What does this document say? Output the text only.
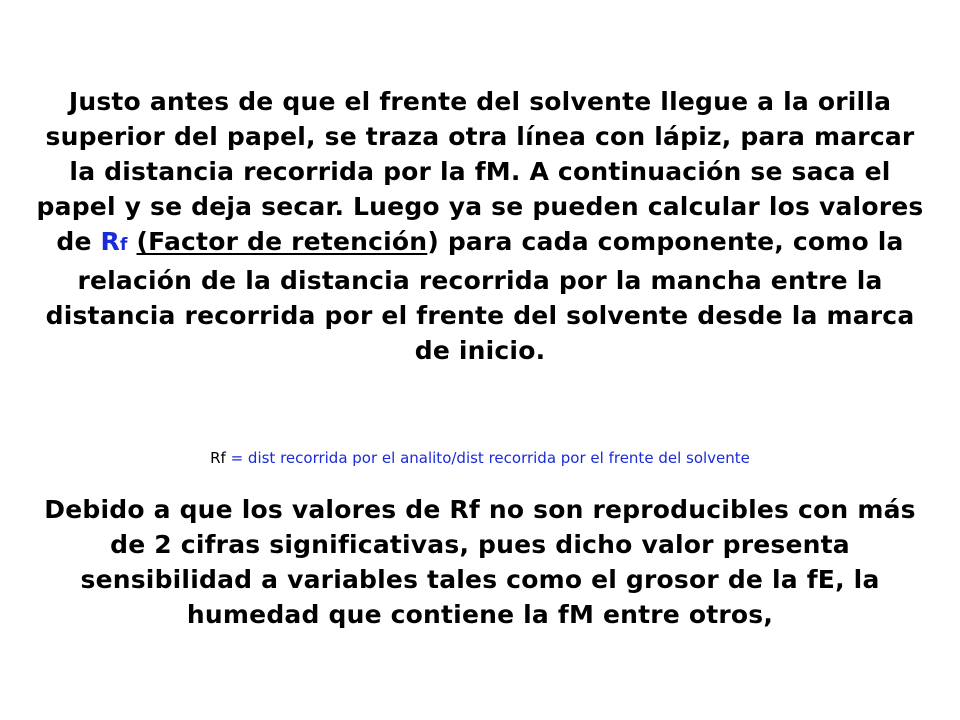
Justo antes de que el frente del solvente llegue a la orilla superior del papel, se traza otra línea con lápiz, para marcar la distancia recorrida por la fM. A continuación se saca el papel y se deja secar. Luego ya se pueden calcular los valores de Rf (Factor de retención) para cada componente, como la relación de la distancia recorrida por la mancha entre la distancia recorrida por el frente del solvente desde la marca de inicio.
Rf = dist recorrida por el analito/dist recorrida por el frente del solvente
Debido a que los valores de Rf no son reproducibles con más de 2 cifras significativas, pues dicho valor presenta sensibilidad a variables tales como el grosor de la fE, la humedad que contiene la fM entre otros,
